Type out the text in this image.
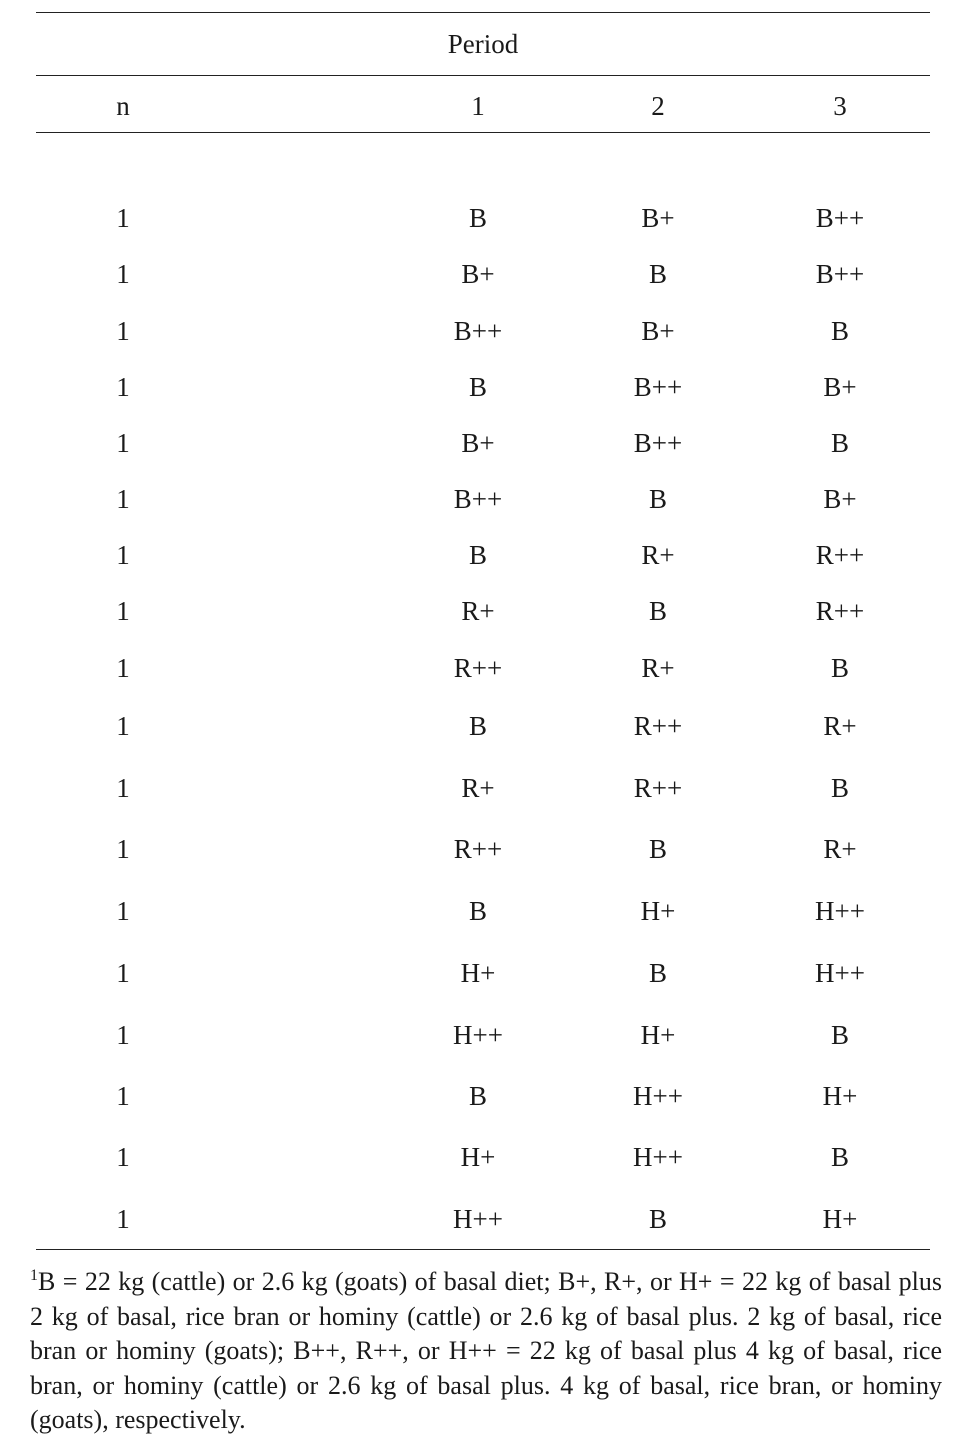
Period
n	1	2	3
1	B	B+	B++
1	B+	B	B++
1	B++	B+	B
1	B	B++	B+
1	B+	B++	B
1	B++	B	B+
1	B	R+	R++
1	R+	B	R++
1	R++	R+	B
1	B	R++	R+
1	R+	R++	B
1	R++	B	R+
1	B	H+	H++
1	H+	B	H++
1	H++	H+	B
1	B	H++	H+
1	H+	H++	B
1	H++	B	H+
$^1$B = 22 kg (cattle) or 2.6 kg (goats) of basal diet; B+, R+, or H+ = 22 kg of basal plus 2 kg of basal, rice bran or hominy (cattle) or 2.6 kg of basal plus. 2 kg of basal, rice bran or hominy (goats); B++, R++, or H++ = 22 kg of basal plus 4 kg of basal, rice bran, or hominy (cattle) or 2.6 kg of basal plus. 4 kg of basal, rice bran, or hominy (goats), respectively.
